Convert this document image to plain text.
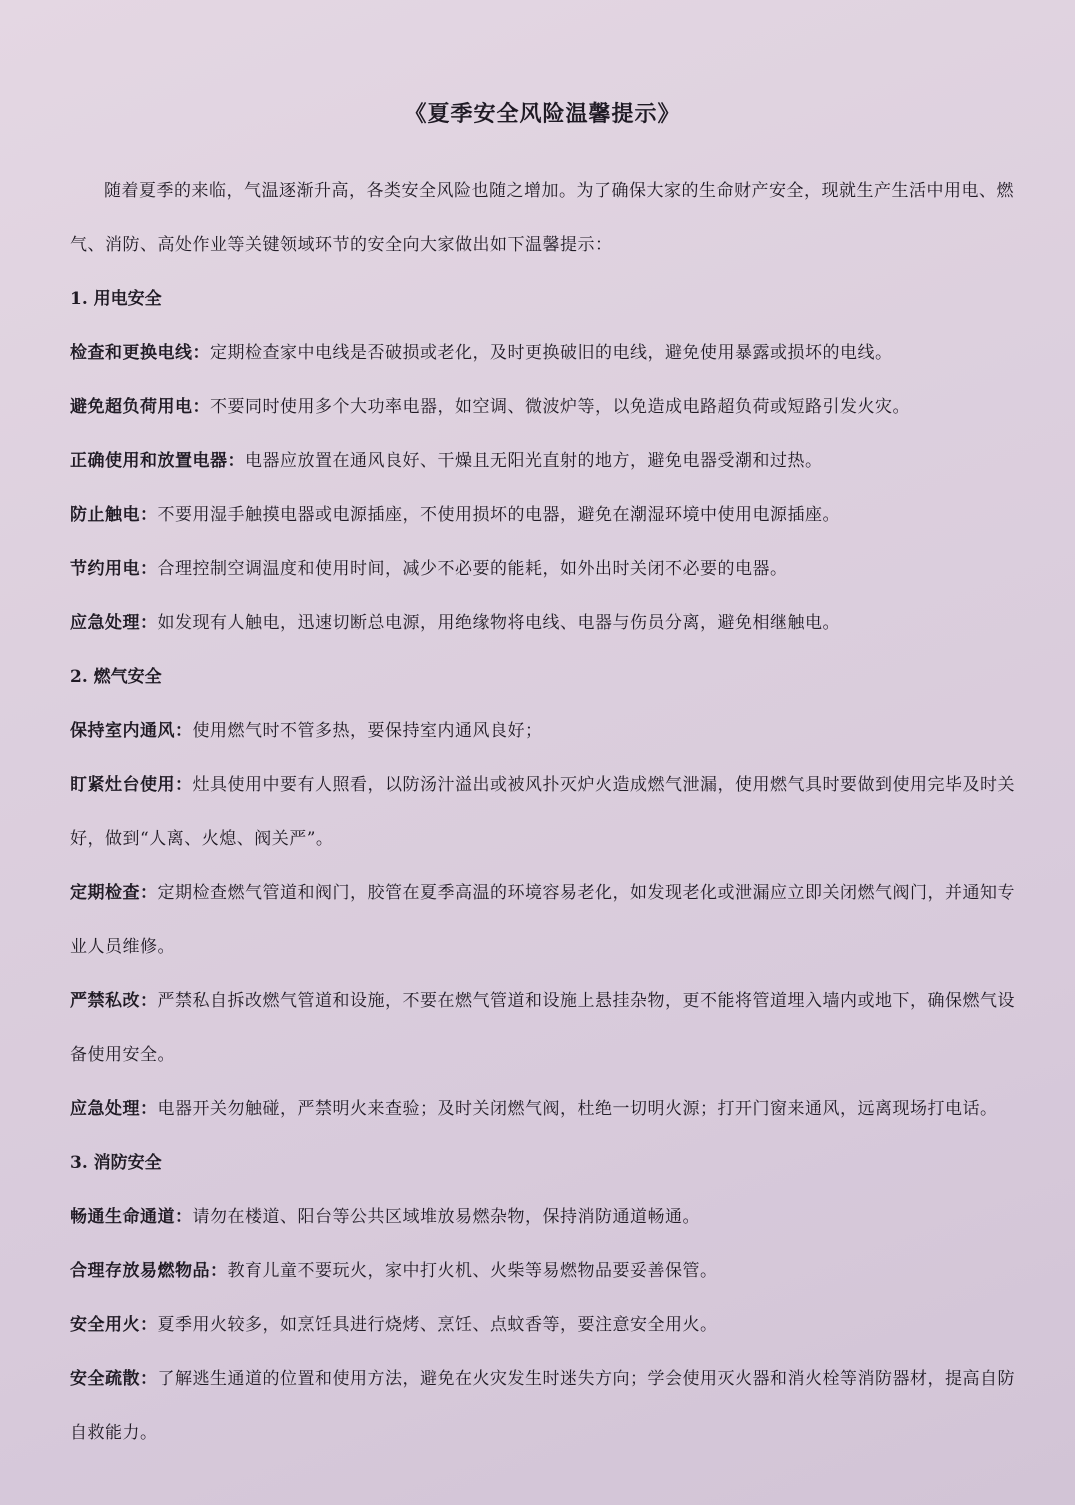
《夏季安全风险温馨提示》

随着夏季的来临，气温逐渐升高，各类安全风险也随之增加。为了确保大家的生命财产安全，现就生产生活中用电、燃气、消防、高处作业等关键领域环节的安全向大家做出如下温馨提示：

1. 用电安全

检查和更换电线：定期检查家中电线是否破损或老化，及时更换破旧的电线，避免使用暴露或损坏的电线。

避免超负荷用电：不要同时使用多个大功率电器，如空调、微波炉等，以免造成电路超负荷或短路引发火灾。

正确使用和放置电器：电器应放置在通风良好、干燥且无阳光直射的地方，避免电器受潮和过热。

防止触电：不要用湿手触摸电器或电源插座，不使用损坏的电器，避免在潮湿环境中使用电源插座。

节约用电：合理控制空调温度和使用时间，减少不必要的能耗，如外出时关闭不必要的电器。

应急处理：如发现有人触电，迅速切断总电源，用绝缘物将电线、电器与伤员分离，避免相继触电。

2. 燃气安全

保持室内通风：使用燃气时不管多热，要保持室内通风良好；

盯紧灶台使用：灶具使用中要有人照看，以防汤汁溢出或被风扑灭炉火造成燃气泄漏，使用燃气具时要做到使用完毕及时关好，做到“人离、火熄、阀关严”。

定期检查：定期检查燃气管道和阀门，胶管在夏季高温的环境容易老化，如发现老化或泄漏应立即关闭燃气阀门，并通知专业人员维修。

严禁私改：严禁私自拆改燃气管道和设施，不要在燃气管道和设施上悬挂杂物，更不能将管道埋入墙内或地下，确保燃气设备使用安全。

应急处理：电器开关勿触碰，严禁明火来查验；及时关闭燃气阀，杜绝一切明火源；打开门窗来通风，远离现场打电话。

3. 消防安全

畅通生命通道：请勿在楼道、阳台等公共区域堆放易燃杂物，保持消防通道畅通。

合理存放易燃物品：教育儿童不要玩火，家中打火机、火柴等易燃物品要妥善保管。

安全用火：夏季用火较多，如烹饪具进行烧烤、烹饪、点蚊香等，要注意安全用火。

安全疏散：了解逃生通道的位置和使用方法，避免在火灾发生时迷失方向；学会使用灭火器和消火栓等消防器材，提高自防自救能力。
